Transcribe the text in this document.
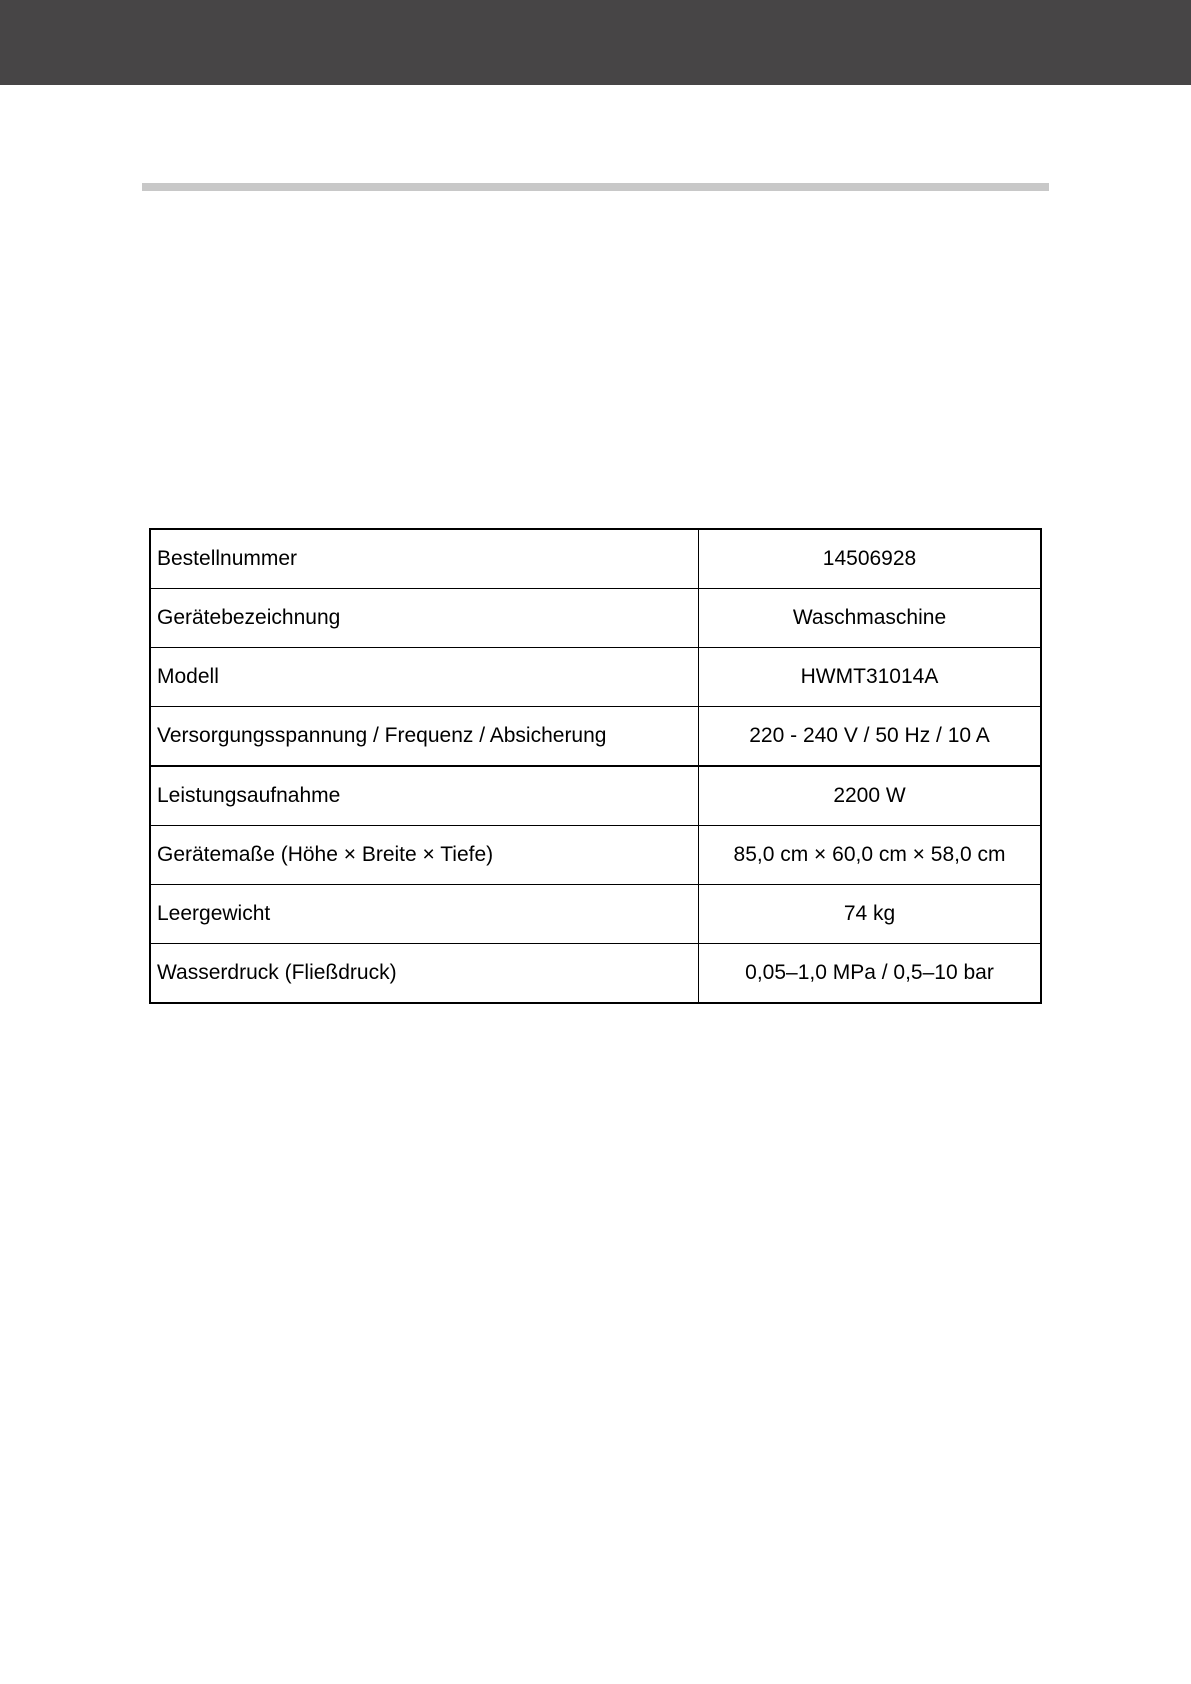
Bestellnummer	14506928
Gerätebezeichnung	Waschmaschine
Modell	HWMT31014A
Versorgungsspannung / Frequenz / Absicherung	220 - 240 V / 50 Hz / 10 A
Leistungsaufnahme	2200 W
Gerätemaße (Höhe × Breite × Tiefe)	85,0 cm × 60,0 cm × 58,0 cm
Leergewicht	74 kg
Wasserdruck (Fließdruck)	0,05–1,0 MPa / 0,5–10 bar
